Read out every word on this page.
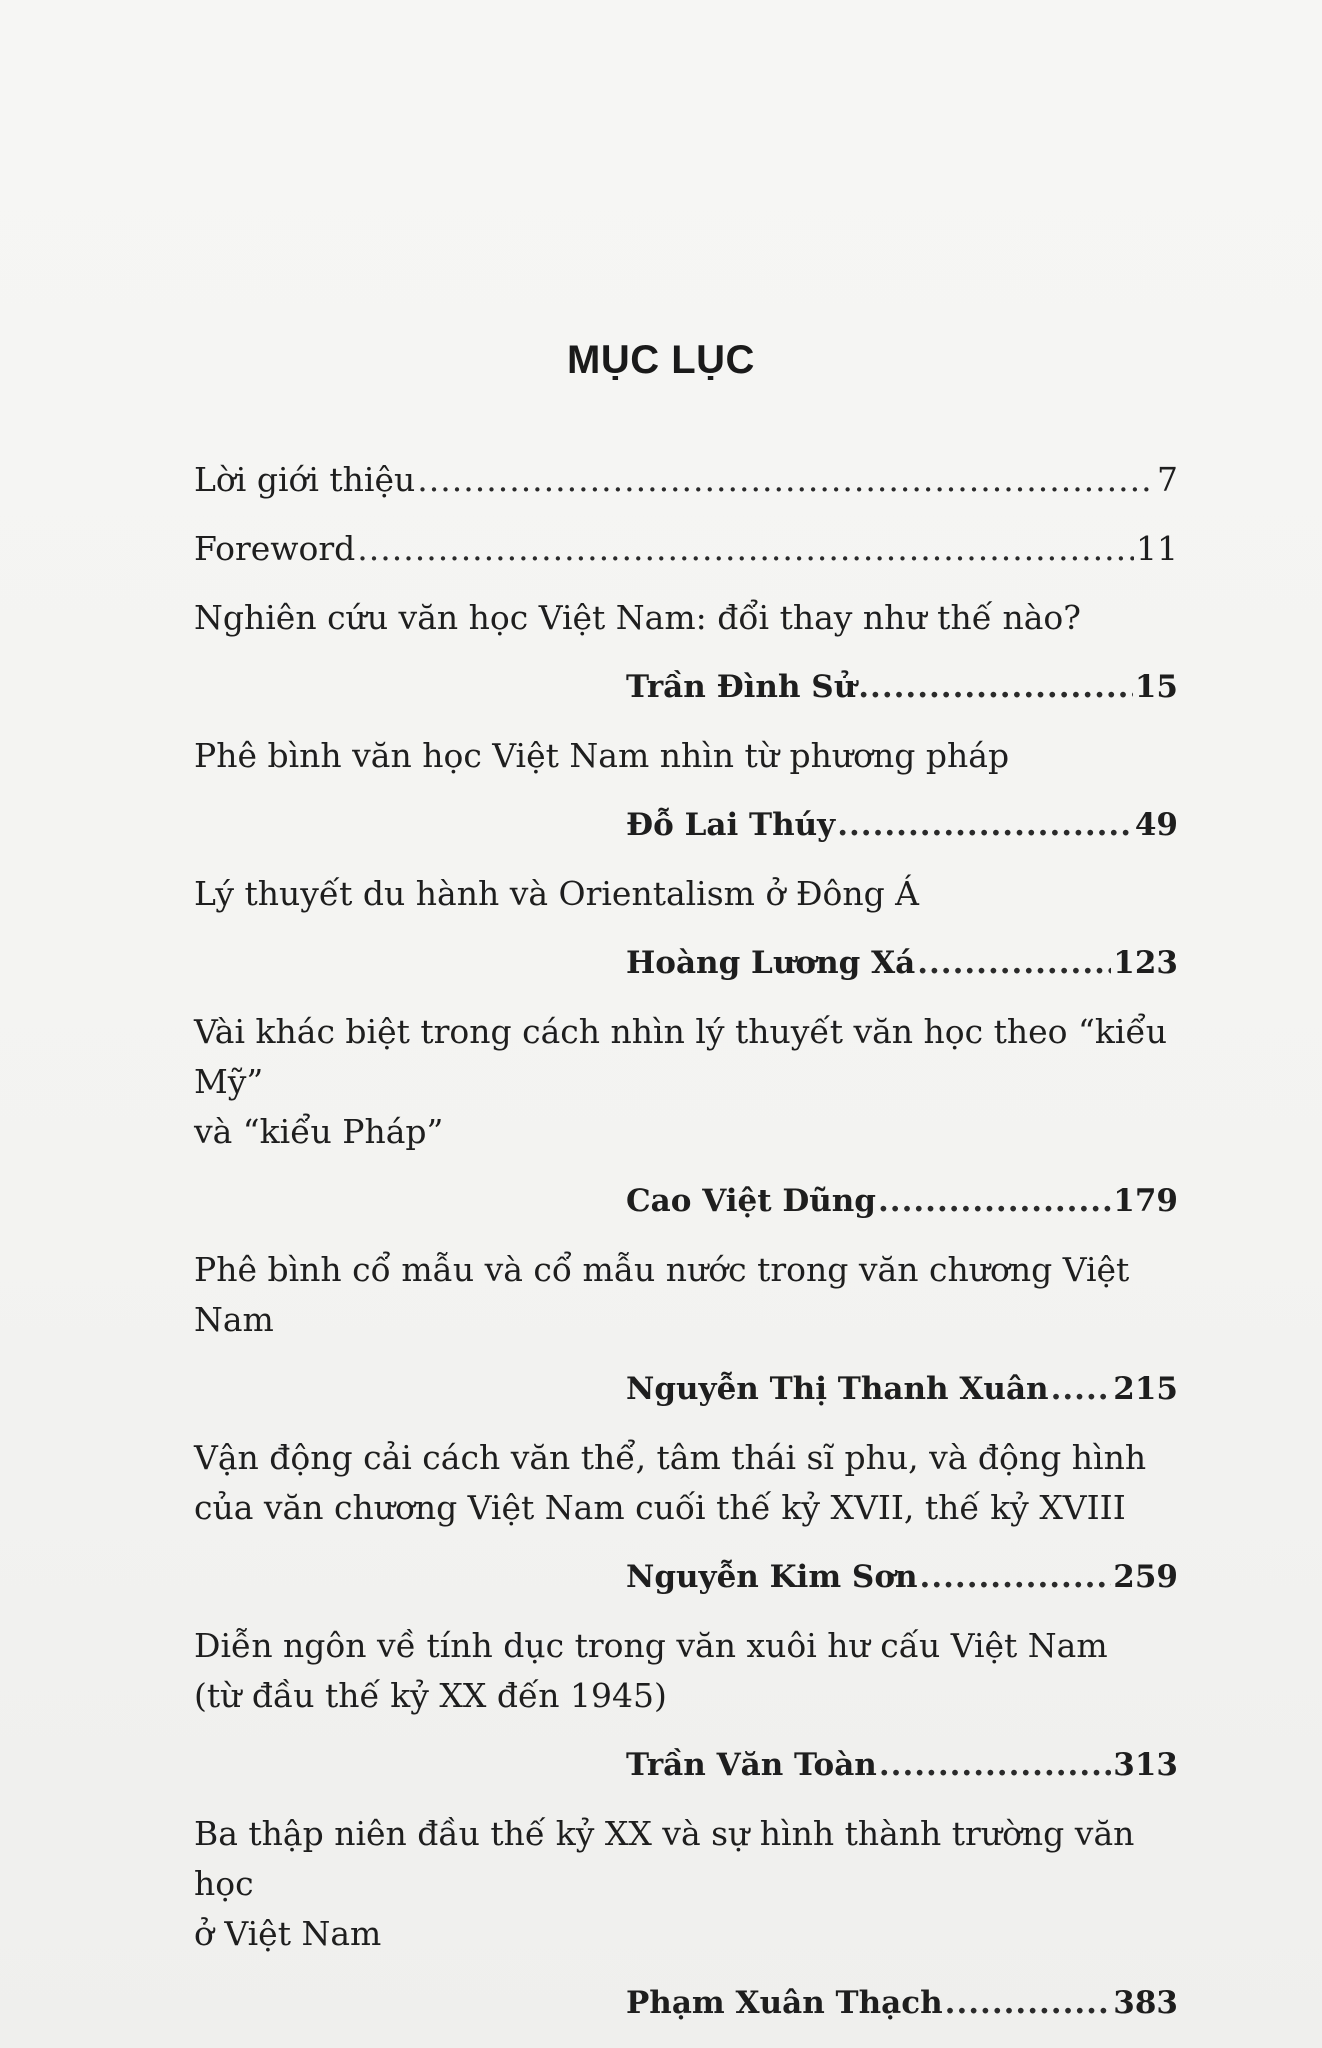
MỤC LỤC
Lời giới thiệu .....	7
Foreword .....	11
Nghiên cứu văn học Việt Nam: đổi thay như thế nào?
Trần Đình Sử .....	15
Phê bình văn học Việt Nam nhìn từ phương pháp
Đỗ Lai Thúy .....	49
Lý thuyết du hành và Orientalism ở Đông Á
Hoàng Lương Xá .....	123
Vài khác biệt trong cách nhìn lý thuyết văn học theo “kiểu Mỹ”
và “kiểu Pháp”
Cao Việt Dũng .....	179
Phê bình cổ mẫu và cổ mẫu nước trong văn chương Việt Nam
Nguyễn Thị Thanh Xuân ..... 215
Vận động cải cách văn thể, tâm thái sĩ phu, và động hình
của văn chương Việt Nam cuối thế kỷ XVII, thế kỷ XVIII
Nguyễn Kim Sơn .....	259
Diễn ngôn về tính dục trong văn xuôi hư cấu Việt Nam
(từ đầu thế kỷ XX đến 1945)
Trần Văn Toàn .....	313
Ba thập niên đầu thế kỷ XX và sự hình thành trường văn học
ở Việt Nam
Phạm Xuân Thạch .....	383
